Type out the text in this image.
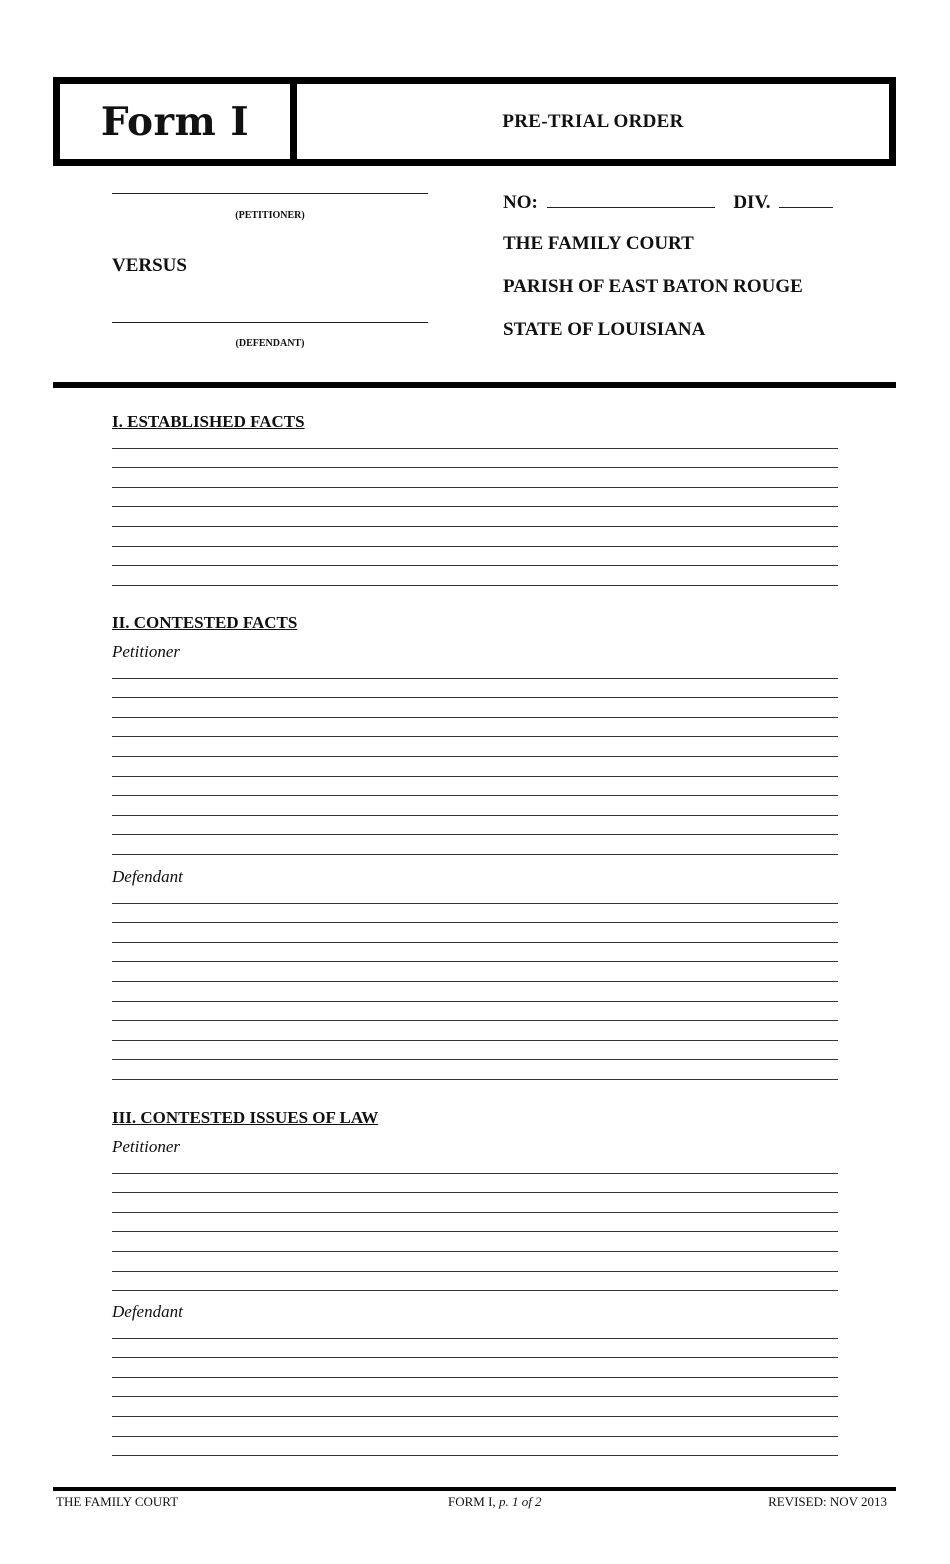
Form I	PRE-TRIAL ORDER
(PETITIONER)
VERSUS
(DEFENDANT)
NO:	DIV.
THE FAMILY COURT
PARISH OF EAST BATON ROUGE
STATE OF LOUISIANA
I. ESTABLISHED FACTS
II. CONTESTED FACTS
Petitioner
Defendant
III. CONTESTED ISSUES OF LAW
Petitioner
Defendant
THE FAMILY COURT	FORM I, p. 1 of 2	REVISED: NOV 2013
